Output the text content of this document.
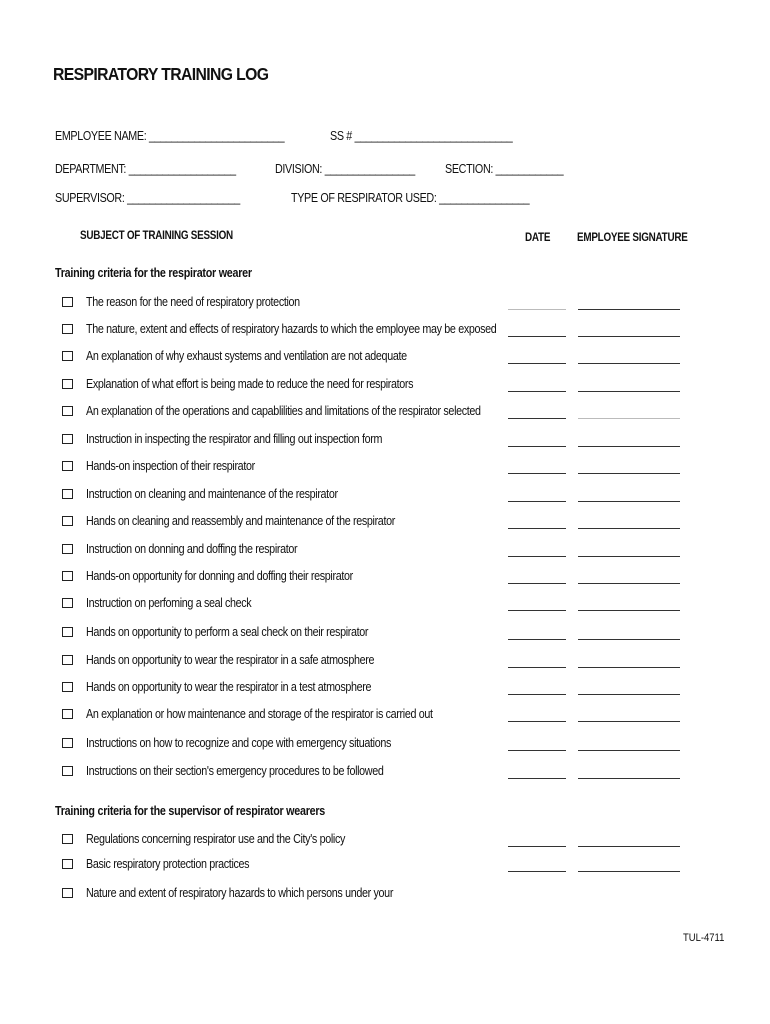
RESPIRATORY TRAINING LOG
EMPLOYEE NAME: ________________________	SS # ____________________________
DEPARTMENT: ___________________	DIVISION: ________________ SECTION: ____________
SUPERVISOR: ____________________	TYPE OF RESPIRATOR USED: ________________
SUBJECT OF TRAINING SESSION	DATE EMPLOYEE SIGNATURE
Training criteria for the respirator wearer
The reason for the need of respiratory protection
The nature, extent and effects of respiratory hazards to which the employee may be exposed
An explanation of why exhaust systems and ventilation are not adequate
Explanation of what effort is being made to reduce the need for respirators
An explanation of the operations and capablilities and limitations of the respirator selected
Instruction in inspecting the respirator and filling out inspection form
Hands-on inspection of their respirator
Instruction on cleaning and maintenance of the respirator
Hands on cleaning and reassembly and maintenance of the respirator
Instruction on donning and doffing the respirator
Hands-on opportunity for donning and doffing their respirator
Instruction on perfoming a seal check
Hands on opportunity to perform a seal check on their respirator
Hands on opportunity to wear the respirator in a safe atmosphere
Hands on opportunity to wear the respirator in a test atmosphere
An explanation or how maintenance and storage of the respirator is carried out
Instructions on how to recognize and cope with emergency situations
Instructions on their section's emergency procedures to be followed
Training criteria for the supervisor of respirator wearers
Regulations concerning respirator use and the City's policy
Basic respiratory protection practices
Nature and extent of respiratory hazards to which persons under your
TUL-4711
